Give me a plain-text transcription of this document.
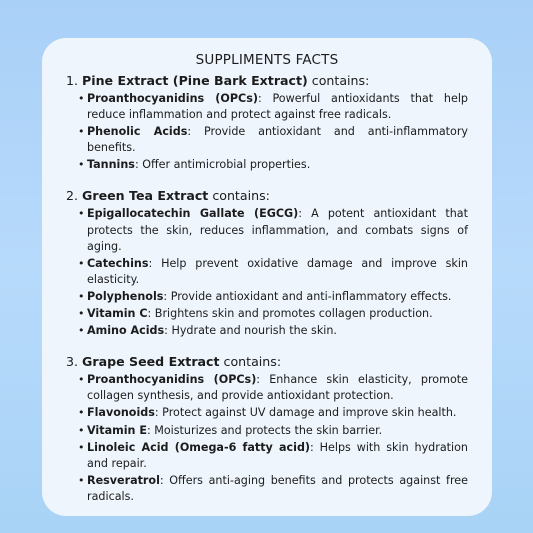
SUPPLIMENTS FACTS
1. Pine Extract (Pine Bark Extract) contains:
• Proanthocyanidins (OPCs): Powerful antioxidants that help reduce inflammation and protect against free radicals.
• Phenolic Acids: Provide antioxidant and anti-inflammatory benefits.
• Tannins: Offer antimicrobial properties.
2. Green Tea Extract contains:
• Epigallocatechin Gallate (EGCG): A potent antioxidant that protects the skin, reduces inflammation, and combats signs of aging.
• Catechins: Help prevent oxidative damage and improve skin elasticity.
• Polyphenols: Provide antioxidant and anti-inflammatory effects.
• Vitamin C: Brightens skin and promotes collagen production.
• Amino Acids: Hydrate and nourish the skin.
3. Grape Seed Extract contains:
• Proanthocyanidins (OPCs): Enhance skin elasticity, promote collagen synthesis, and provide antioxidant protection.
• Flavonoids: Protect against UV damage and improve skin health.
• Vitamin E: Moisturizes and protects the skin barrier.
• Linoleic Acid (Omega-6 fatty acid): Helps with skin hydration and repair.
• Resveratrol: Offers anti-aging benefits and protects against free radicals.
